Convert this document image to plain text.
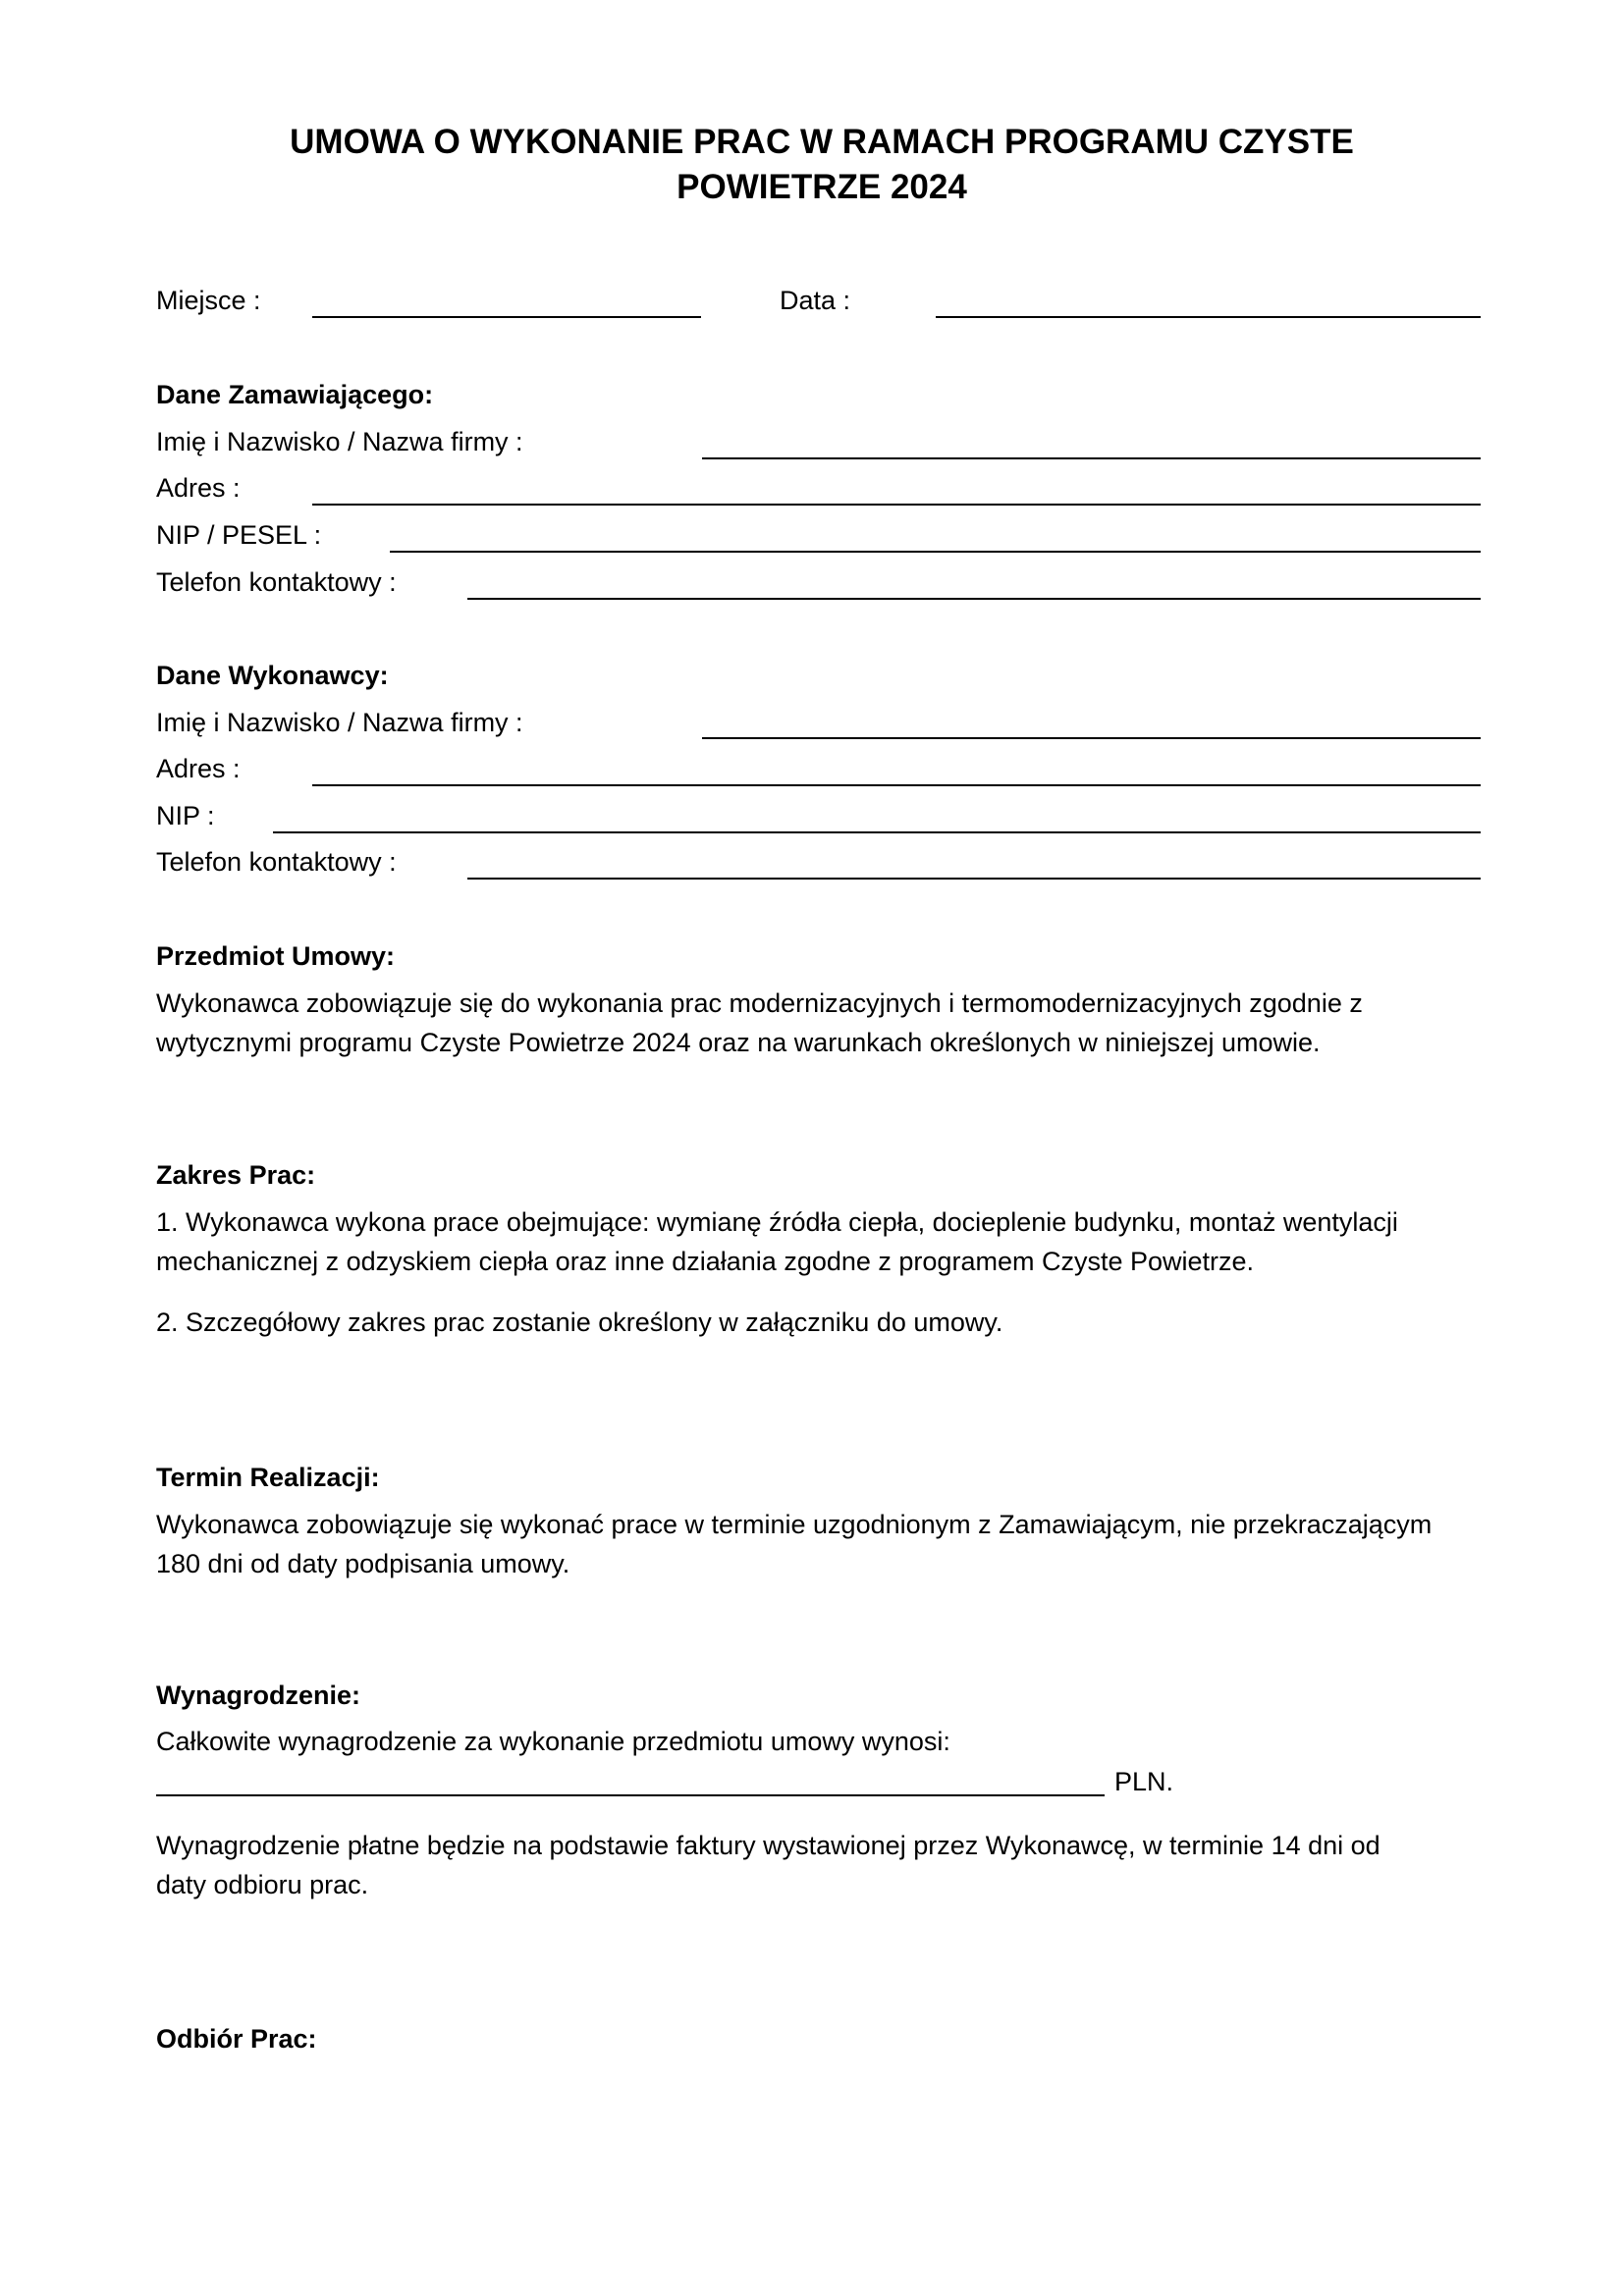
UMOWA O WYKONANIE PRAC W RAMACH PROGRAMU CZYSTE
POWIETRZE 2024
Miejsce :	Data :
Dane Zamawiającego:
Imię i Nazwisko / Nazwa firmy :
Adres :
NIP / PESEL :
Telefon kontaktowy :
Dane Wykonawcy:
Imię i Nazwisko / Nazwa firmy :
Adres :
NIP :
Telefon kontaktowy :
Przedmiot Umowy:
Wykonawca zobowiązuje się do wykonania prac modernizacyjnych i termomodernizacyjnych zgodnie z
wytycznymi programu Czyste Powietrze 2024 oraz na warunkach określonych w niniejszej umowie.
Zakres Prac:
1. Wykonawca wykona prace obejmujące: wymianę źródła ciepła, docieplenie budynku, montaż wentylacji
mechanicznej z odzyskiem ciepła oraz inne działania zgodne z programem Czyste Powietrze.
2. Szczegółowy zakres prac zostanie określony w załączniku do umowy.
Termin Realizacji:
Wykonawca zobowiązuje się wykonać prace w terminie uzgodnionym z Zamawiającym, nie przekraczającym
180 dni od daty podpisania umowy.
Wynagrodzenie:
Całkowite wynagrodzenie za wykonanie przedmiotu umowy wynosi:
PLN.
Wynagrodzenie płatne będzie na podstawie faktury wystawionej przez Wykonawcę, w terminie 14 dni od
daty odbioru prac.
Odbiór Prac:
